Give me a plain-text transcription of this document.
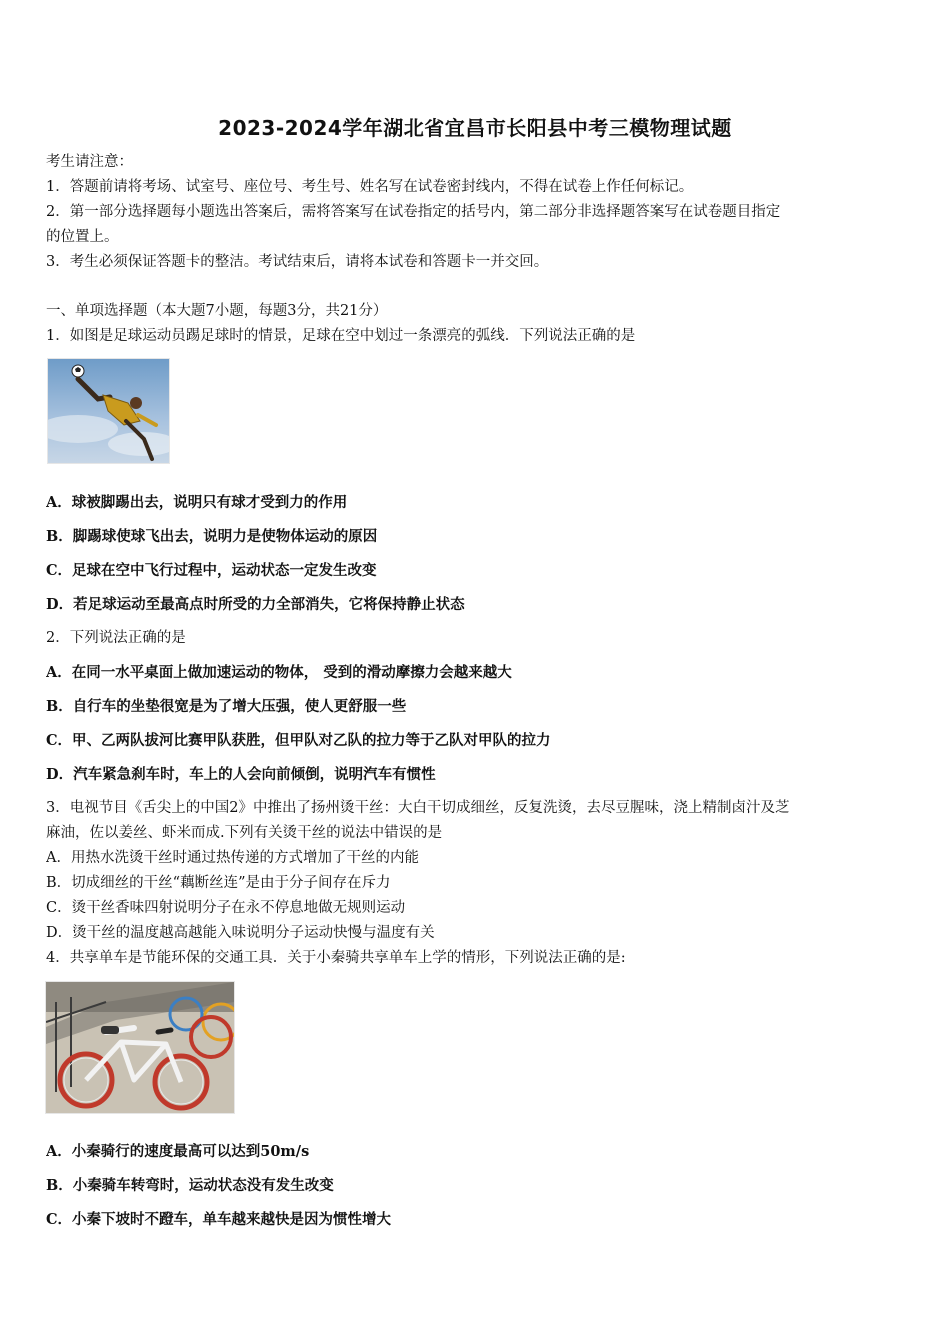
2023-2024学年湖北省宜昌市长阳县中考三模物理试题
考生请注意：
1．答题前请将考场、试室号、座位号、考生号、姓名写在试卷密封线内，不得在试卷上作任何标记。
2．第一部分选择题每小题选出答案后，需将答案写在试卷指定的括号内，第二部分非选择题答案写在试卷题目指定
的位置上。
3．考生必须保证答题卡的整洁。考试结束后，请将本试卷和答题卡一并交回。
一、单项选择题（本大题7小题，每题3分，共21分）
1．如图是足球运动员踢足球时的情景，足球在空中划过一条漂亮的弧线．下列说法正确的是
A．球被脚踢出去，说明只有球才受到力的作用
B．脚踢球使球飞出去，说明力是使物体运动的原因
C．足球在空中飞行过程中，运动状态一定发生改变
D．若足球运动至最高点时所受的力全部消失，它将保持静止状态
2．下列说法正确的是
A．在同一水平桌面上做加速运动的物体， 受到的滑动摩擦力会越来越大
B．自行车的坐垫很宽是为了增大压强，使人更舒服一些
C．甲、乙两队拔河比赛甲队获胜，但甲队对乙队的拉力等于乙队对甲队的拉力
D．汽车紧急刹车时，车上的人会向前倾倒，说明汽车有惯性
3．电视节目《舌尖上的中国2》中推出了扬州烫干丝：大白干切成细丝，反复洗烫，去尽豆腥味，浇上精制卤汁及芝
麻油，佐以姜丝、虾米而成.下列有关烫干丝的说法中错误的是
A．用热水洗烫干丝时通过热传递的方式增加了干丝的内能
B．切成细丝的干丝“藕断丝连”是由于分子间存在斥力
C．烫干丝香味四射说明分子在永不停息地做无规则运动
D．烫干丝的温度越高越能入味说明分子运动快慢与温度有关
4．共享单车是节能环保的交通工具．关于小秦骑共享单车上学的情形，下列说法正确的是:
A．小秦骑行的速度最高可以达到50m/s
B．小秦骑车转弯时，运动状态没有发生改变
C．小秦下坡时不蹬车，单车越来越快是因为惯性增大
